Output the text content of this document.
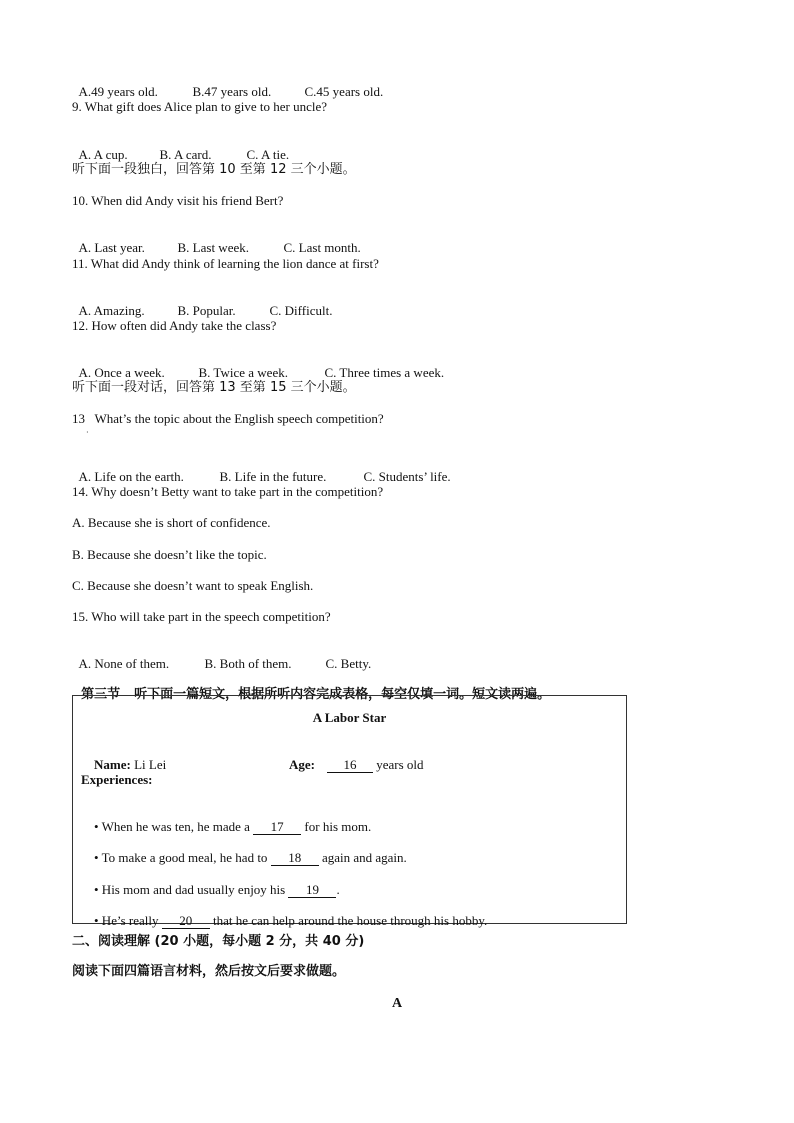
A.49 years old.	B.47 years old.	C.45 years old.

9. What gift does Alice plan to give to her uncle?

A. A cup. B. A card.	C. A tie.

听下面一段独白，回答第 10 至第 12 三个小题。
10. When did Andy visit his friend Bert?

A. Last year.	B. Last week.	C. Last month.

11. What did Andy think of learning the lion dance at first?

A. Amazing.	B. Popular.	C. Difficult.

12. How often did Andy take the class?

A. Once a week.	B. Twice a week.	C. Three times a week.

听下面一段对话，回答第 13 至第 15 三个小题。
13   What’s the topic about the English speech competition?
·

A. Life on the earth.	B. Life in the future.	C. Students’ life.

14. Why doesn’t Betty want to take part in the competition?
A. Because she is short of confidence.
B. Because she doesn’t like the topic.
C. Because she doesn’t want to speak English.
15. Who will take part in the speech competition?

A. None of them.	B. Both of them.	C. Betty.

第三节 听下面一篇短文，根据所听内容完成表格，每空仅填一词。短文读两遍。

A Labor Star

Name: Li Lei
	Age: 16 years old

Experiences:

• When he was ten, he made a 17 for his mom.

• To make a good meal, he had to 18 again and again.

• His mom and dad usually enjoy his 19 .

• He’s really 20 that he can help around the house through his hobby.

二、阅读理解 (20 小题，每小题 2 分，共 40 分)
阅读下面四篇语言材料，然后按文后要求做题。
A
